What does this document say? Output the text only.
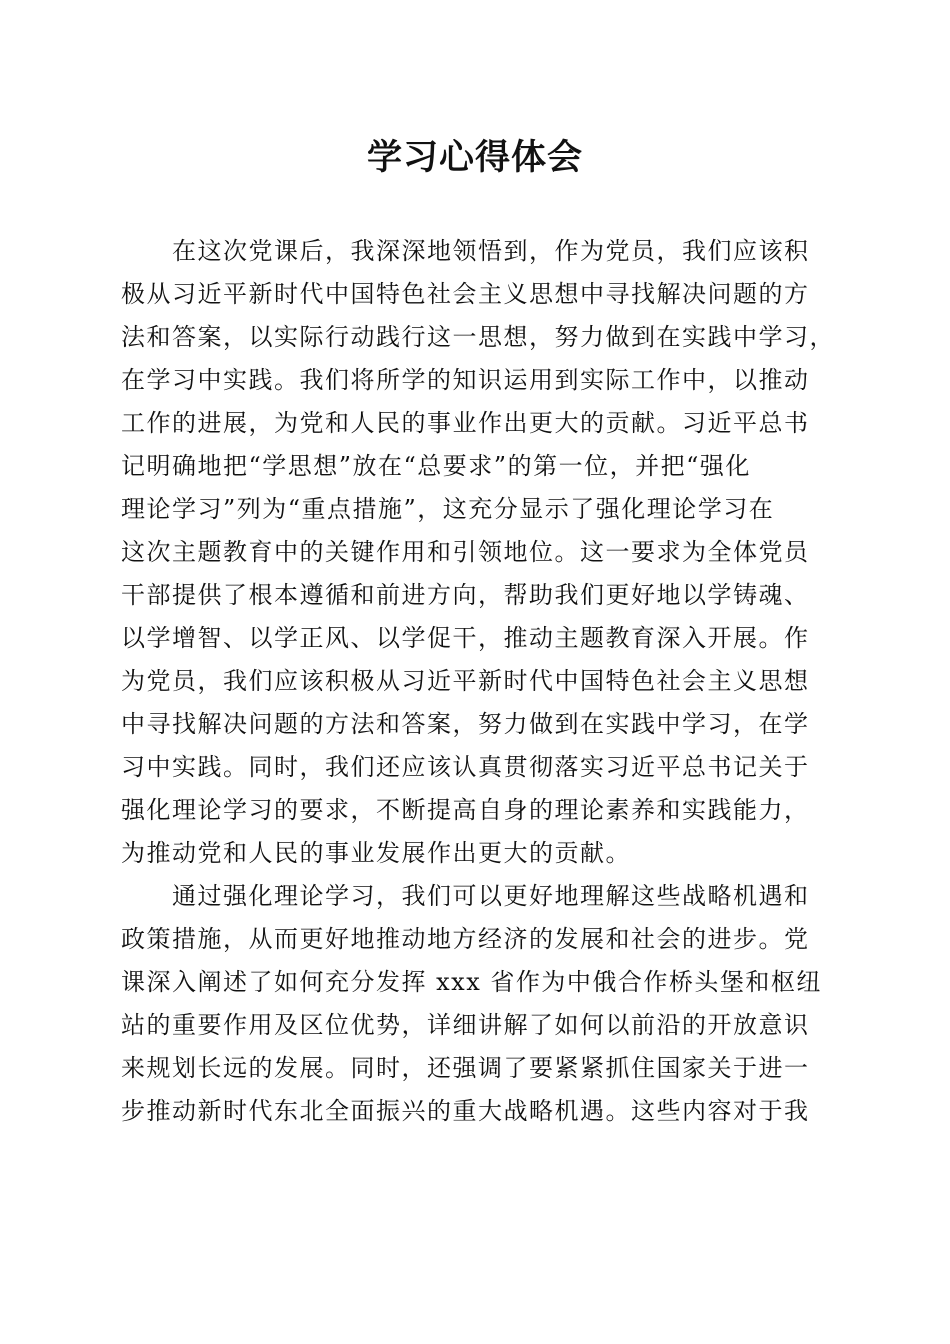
学习心得体会

在这次党课后，我深深地领悟到，作为党员，我们应该积
极从习近平新时代中国特色社会主义思想中寻找解决问题的方
法和答案，以实际行动践行这一思想，努力做到在实践中学习，
在学习中实践。我们将所学的知识运用到实际工作中，以推动
工作的进展，为党和人民的事业作出更大的贡献。习近平总书
记明确地把“学思想”放在“总要求”的第一位，并把“强化
理论学习”列为“重点措施”，这充分显示了强化理论学习在
这次主题教育中的关键作用和引领地位。这一要求为全体党员
干部提供了根本遵循和前进方向，帮助我们更好地以学铸魂、
以学增智、以学正风、以学促干，推动主题教育深入开展。作
为党员，我们应该积极从习近平新时代中国特色社会主义思想
中寻找解决问题的方法和答案，努力做到在实践中学习，在学
习中实践。同时，我们还应该认真贯彻落实习近平总书记关于
强化理论学习的要求，不断提高自身的理论素养和实践能力，
为推动党和人民的事业发展作出更大的贡献。

通过强化理论学习，我们可以更好地理解这些战略机遇和
政策措施，从而更好地推动地方经济的发展和社会的进步。党
课深入阐述了如何充分发挥 xxx 省作为中俄合作桥头堡和枢纽
站的重要作用及区位优势，详细讲解了如何以前沿的开放意识
来规划长远的发展。同时，还强调了要紧紧抓住国家关于进一
步推动新时代东北全面振兴的重大战略机遇。这些内容对于我
